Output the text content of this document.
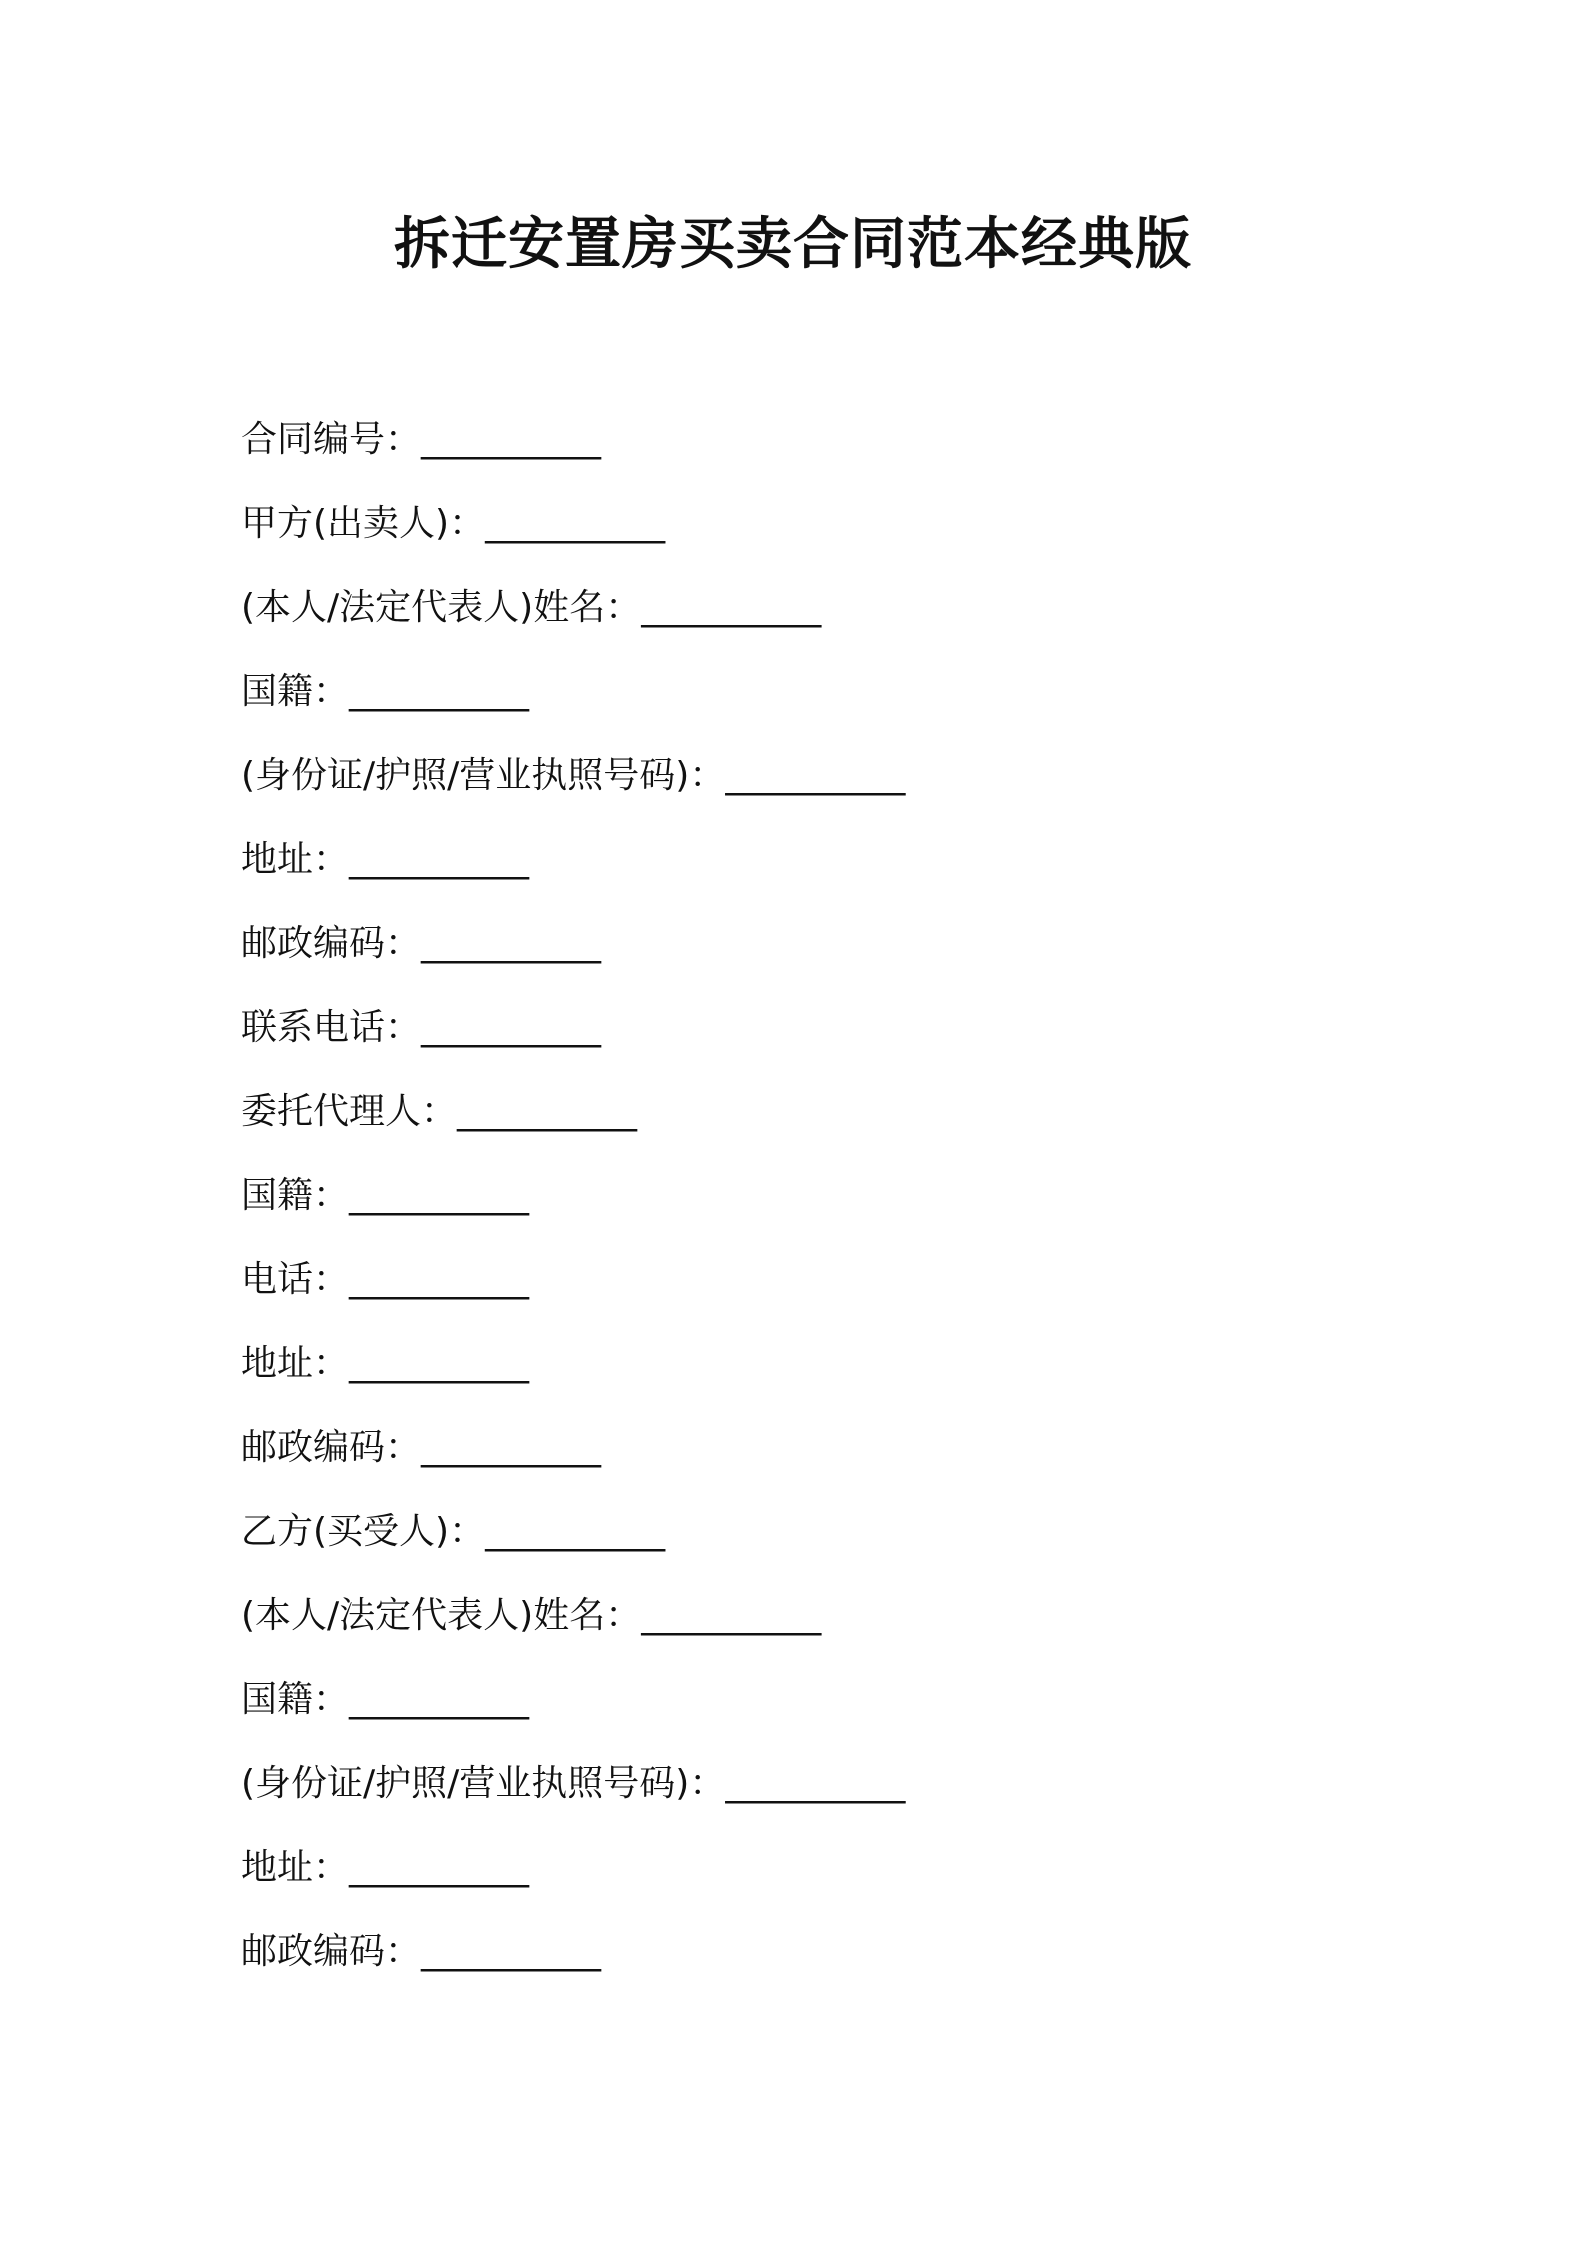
拆迁安置房买卖合同范本经典版
合同编号：__________
甲方(出卖人)：__________
(本人/法定代表人)姓名：__________
国籍：__________
(身份证/护照/营业执照号码)：__________
地址：__________
邮政编码：__________
联系电话：__________
委托代理人：__________
国籍：__________
电话：__________
地址：__________
邮政编码：__________
乙方(买受人)：__________
(本人/法定代表人)姓名：__________
国籍：__________
(身份证/护照/营业执照号码)：__________
地址：__________
邮政编码：__________
